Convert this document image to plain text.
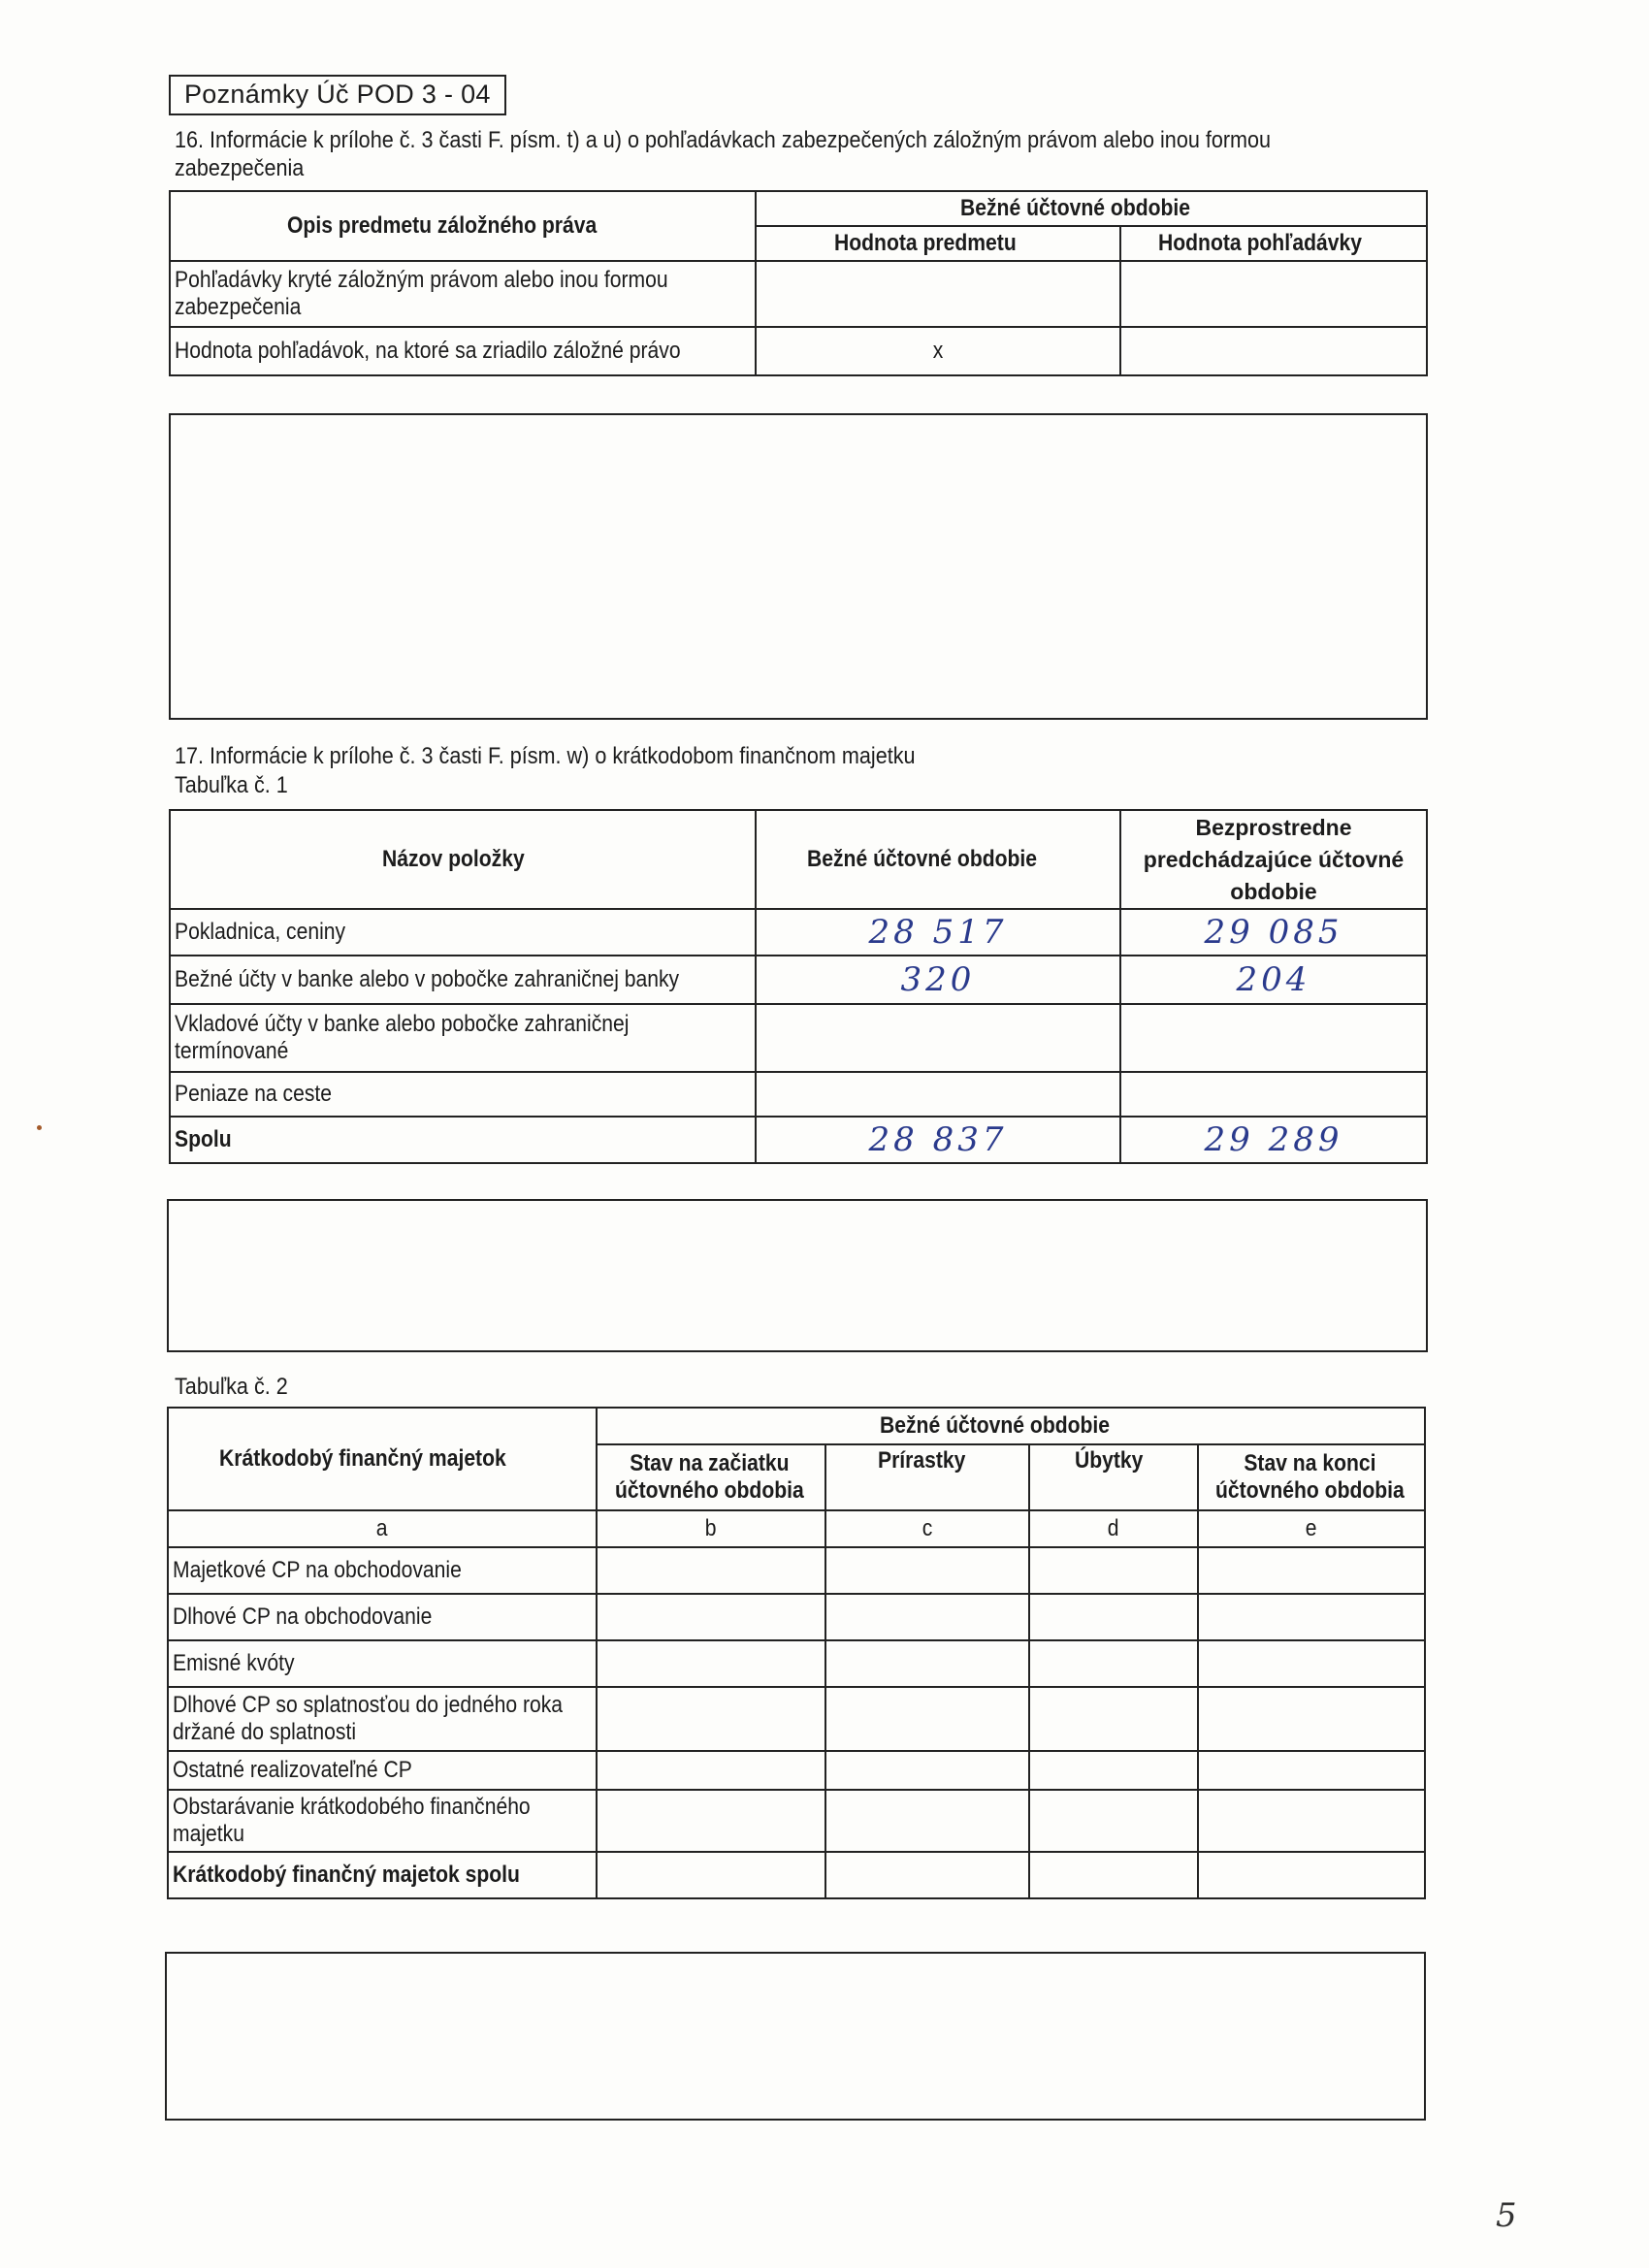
Poznámky Úč POD 3 - 04
16. Informácie k prílohe č. 3 časti F. písm. t) a u) o pohľadávkach zabezpečených záložným právom alebo inou formou zabezpečenia
Opis predmetu záložného práva	Bežné účtovné obdobie	
	Hodnota predmetu	Hodnota pohľadávky

Pohľadávky kryté záložným právom alebo inou formou zabezpečenia		

Hodnota pohľadávok, na ktoré sa zriadilo záložné právo	x	
17. Informácie k prílohe č. 3 časti F. písm. w) o krátkodobom finančnom majetku
Tabuľka č. 1
Názov položky	Bežné účtovné obdobie	Bezprostredne predchádzajúce účtovné obdobie

Pokladnica, ceniny	28 517	29 085
Bežné účty v banke alebo v pobočke zahraničnej banky	320	204

Vkladové účty v banke alebo pobočke zahraničnej termínované		

Peniaze na ceste		
Spolu	28 837	29 289
Tabuľka č. 2
Krátkodobý finančný majetok	Bežné účtovné obdobie			

	Stav na začiatku účtovného obdobia	Prírastky	Úbytky	Stav na konci účtovného obdobia

a	b	c	d	e
Majetkové CP na obchodovanie				
Dlhové CP na obchodovanie				
Emisné kvóty				

Dlhové CP so splatnosťou do jedného roka držané do splatnosti				

Ostatné realizovateľné CP				

Obstarávanie krátkodobého finančného majetku				

Krátkodobý finančný majetok spolu				
5
